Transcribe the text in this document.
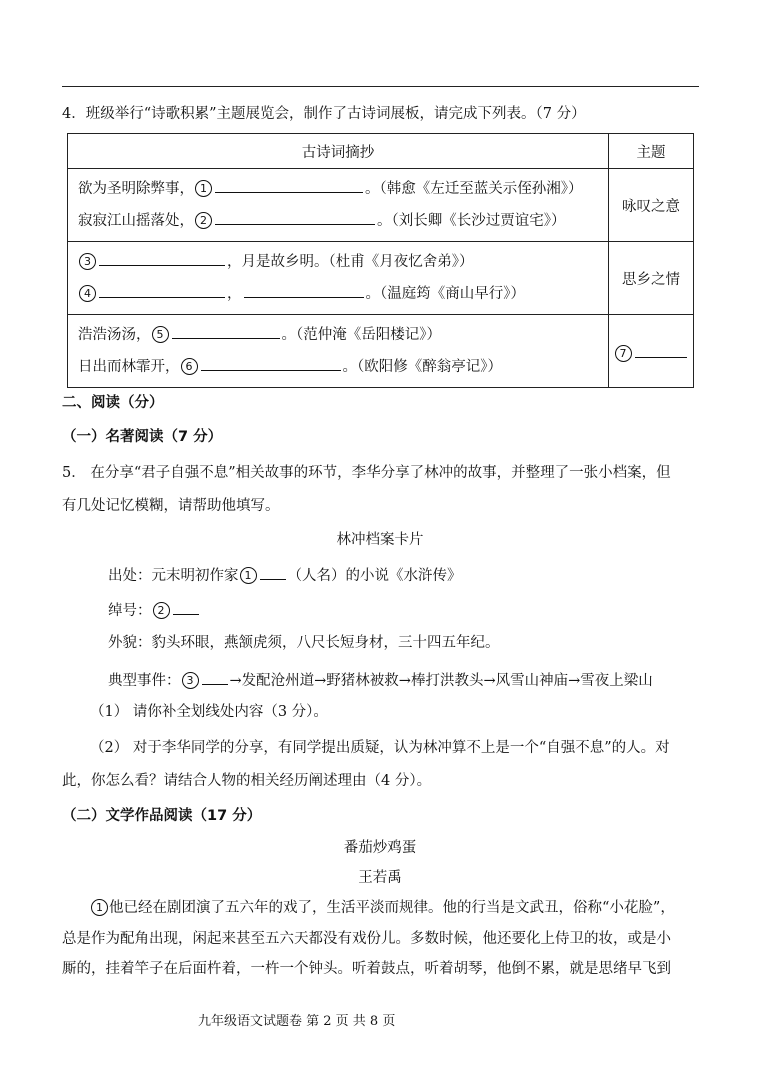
4．班级举行“诗歌积累”主题展览会，制作了古诗词展板，请完成下列表。（7 分）
古诗词摘抄	主题

欲为圣明除弊事， 1 。（韩愈《左迁至蓝关示侄孙湘》）
寂寂江山摇落处， 2 。（刘长卿《长沙过贾谊宅》）	咏叹之意

3 ，月是故乡明。（杜甫《月夜忆舍弟》）
4 ， 。（温庭筠《商山早行》）	思乡之情

浩浩汤汤， 5 。（范仲淹《岳阳楼记》）
日出而林霏开， 6 。（欧阳修《醉翁亭记》）	7
二、阅读（分）
（一）名著阅读（7 分）
5． 在分享“君子自强不息”相关故事的环节，李华分享了林冲的故事，并整理了一张小档案，但
有几处记忆模糊，请帮助他填写。
林冲档案卡片
出处：元末明初作家 1 （人名）的小说《水浒传》
绰号： 2
外貌：豹头环眼，燕颔虎须，八尺长短身材，三十四五年纪。
典型事件： 3 →发配沧州道→野猪林被救→棒打洪教头→风雪山神庙→雪夜上梁山
（1） 请你补全划线处内容（3 分）。
（2） 对于李华同学的分享，有同学提出质疑，认为林冲算不上是一个“自强不息”的人。对
此，你怎么看？请结合人物的相关经历阐述理由（4 分）。
（二）文学作品阅读（17 分）
番茄炒鸡蛋
王若禹
1 他已经在剧团演了五六年的戏了，生活平淡而规律。他的行当是文武丑，俗称“小花脸”，
总是作为配角出现，闲起来甚至五六天都没有戏份儿。多数时候，他还要化上侍卫的妆，或是小
厮的，挂着竿子在后面杵着，一杵一个钟头。听着鼓点，听着胡琴，他倒不累，就是思绪早飞到
九年级语文试题卷 第 2 页 共 8 页
